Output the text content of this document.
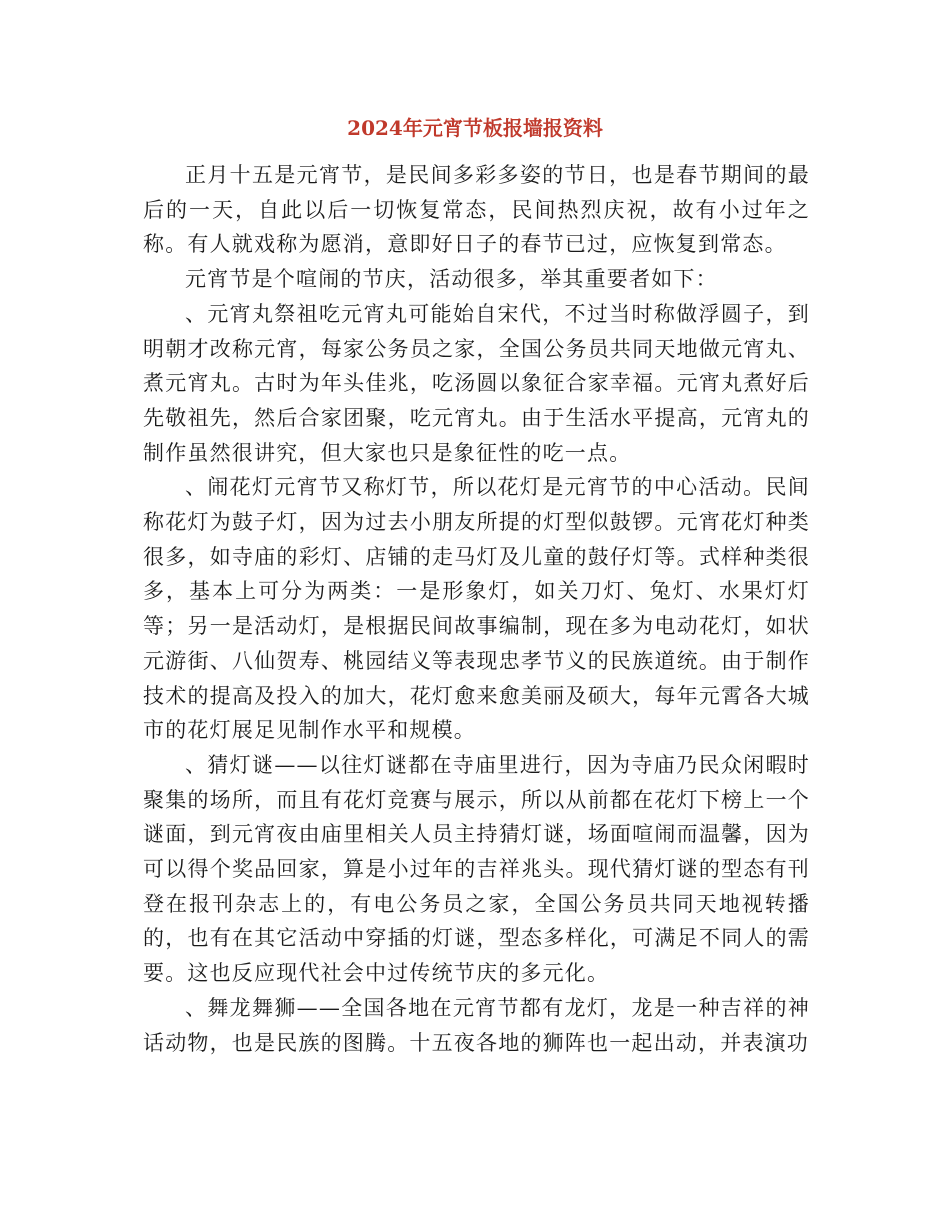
2024年元宵节板报墙报资料

正月十五是元宵节，是民间多彩多姿的节日，也是春节期间的最后的一天，自此以后一切恢复常态，民间热烈庆祝，故有小过年之称。有人就戏称为愿消，意即好日子的春节已过，应恢复到常态。

元宵节是个喧闹的节庆，活动很多，举其重要者如下：

、元宵丸祭祖吃元宵丸可能始自宋代，不过当时称做浮圆子，到明朝才改称元宵，每家公务员之家，全国公务员共同天地做元宵丸、煮元宵丸。古时为年头佳兆，吃汤圆以象征合家幸福。元宵丸煮好后先敬祖先，然后合家团聚，吃元宵丸。由于生活水平提高，元宵丸的制作虽然很讲究，但大家也只是象征性的吃一点。

、闹花灯元宵节又称灯节，所以花灯是元宵节的中心活动。民间称花灯为鼓子灯，因为过去小朋友所提的灯型似鼓锣。元宵花灯种类很多，如寺庙的彩灯、店铺的走马灯及儿童的鼓仔灯等。式样种类很多，基本上可分为两类：一是形象灯，如关刀灯、兔灯、水果灯灯等；另一是活动灯，是根据民间故事编制，现在多为电动花灯，如状元游街、八仙贺寿、桃园结义等表现忠孝节义的民族道统。由于制作技术的提高及投入的加大，花灯愈来愈美丽及硕大，每年元霄各大城市的花灯展足见制作水平和规模。

、猜灯谜——以往灯谜都在寺庙里进行，因为寺庙乃民众闲暇时聚集的场所，而且有花灯竞赛与展示，所以从前都在花灯下榜上一个谜面，到元宵夜由庙里相关人员主持猜灯谜，场面喧闹而温馨，因为可以得个奖品回家，算是小过年的吉祥兆头。现代猜灯谜的型态有刊登在报刊杂志上的，有电公务员之家，全国公务员共同天地视转播的，也有在其它活动中穿插的灯谜，型态多样化，可满足不同人的需要。这也反应现代社会中过传统节庆的多元化。

、舞龙舞狮——全国各地在元宵节都有龙灯，龙是一种吉祥的神话动物，也是民族的图腾。十五夜各地的狮阵也一起出动，并表演功
